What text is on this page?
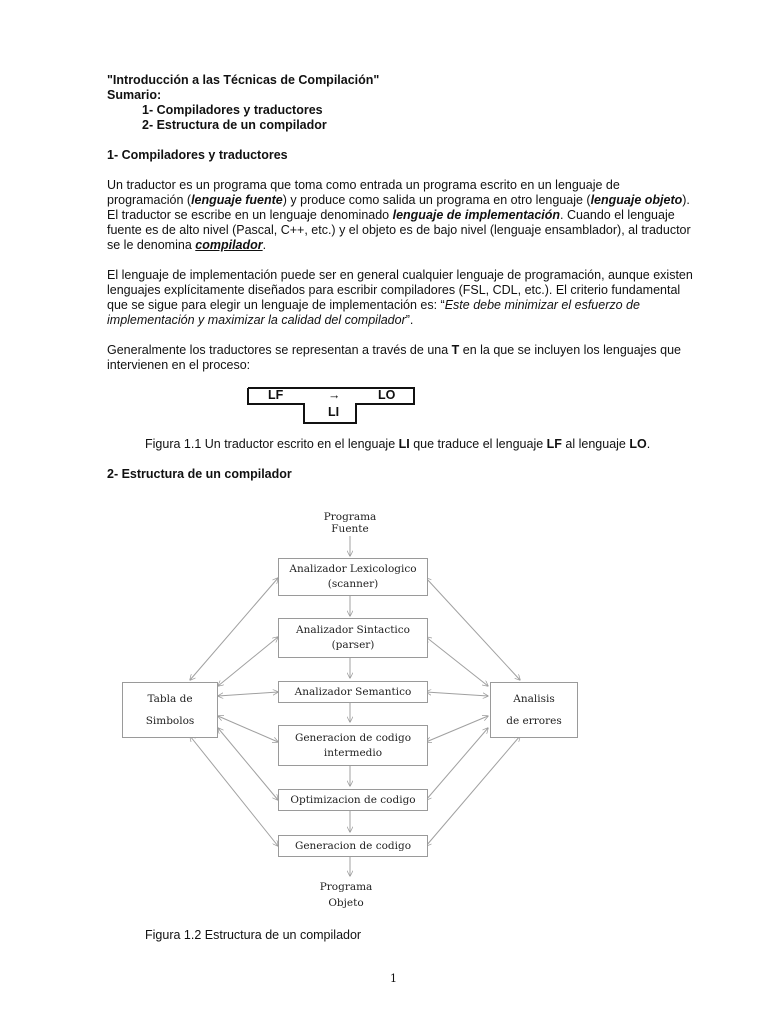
"Introducción a las Técnicas de Compilación"
Sumario:
1- Compiladores y traductores
2- Estructura de un compilador
1- Compiladores y traductores
Un traductor es un programa que toma como entrada un programa escrito en un lenguaje de
programación (lenguaje fuente) y produce como salida un programa en otro lenguaje (lenguaje objeto).
El traductor se escribe en un lenguaje denominado lenguaje de implementación. Cuando el lenguaje
fuente es de alto nivel (Pascal, C++, etc.) y el objeto es de bajo nivel (lenguaje ensamblador), al traductor
se le denomina compilador.
El lenguaje de implementación puede ser en general cualquier lenguaje de programación, aunque existen
lenguajes explícitamente diseñados para escribir compiladores (FSL, CDL, etc.). El criterio fundamental
que se sigue para elegir un lenguaje de implementación es: “Este debe minimizar el esfuerzo de
implementación y maximizar la calidad del compilador”.
Generalmente los traductores se representan a través de una T en la que se incluyen los lenguajes que
intervienen en el proceso:
LF	→	LO
LI
Figura 1.1 Un traductor escrito en el lenguaje LI que traduce el lenguaje LF al lenguaje LO.
2- Estructura de un compilador
Programa
Fuente
Analizador Lexicologico
(scanner)
Analizador Sintactico
(parser)
Analizador Semantico
Generacion de codigo
intermedio
Optimizacion de codigo
Generacion de codigo
Tabla de
Simbolos
Analisis
de errores
Programa
Objeto
Figura 1.2 Estructura de un compilador
1
